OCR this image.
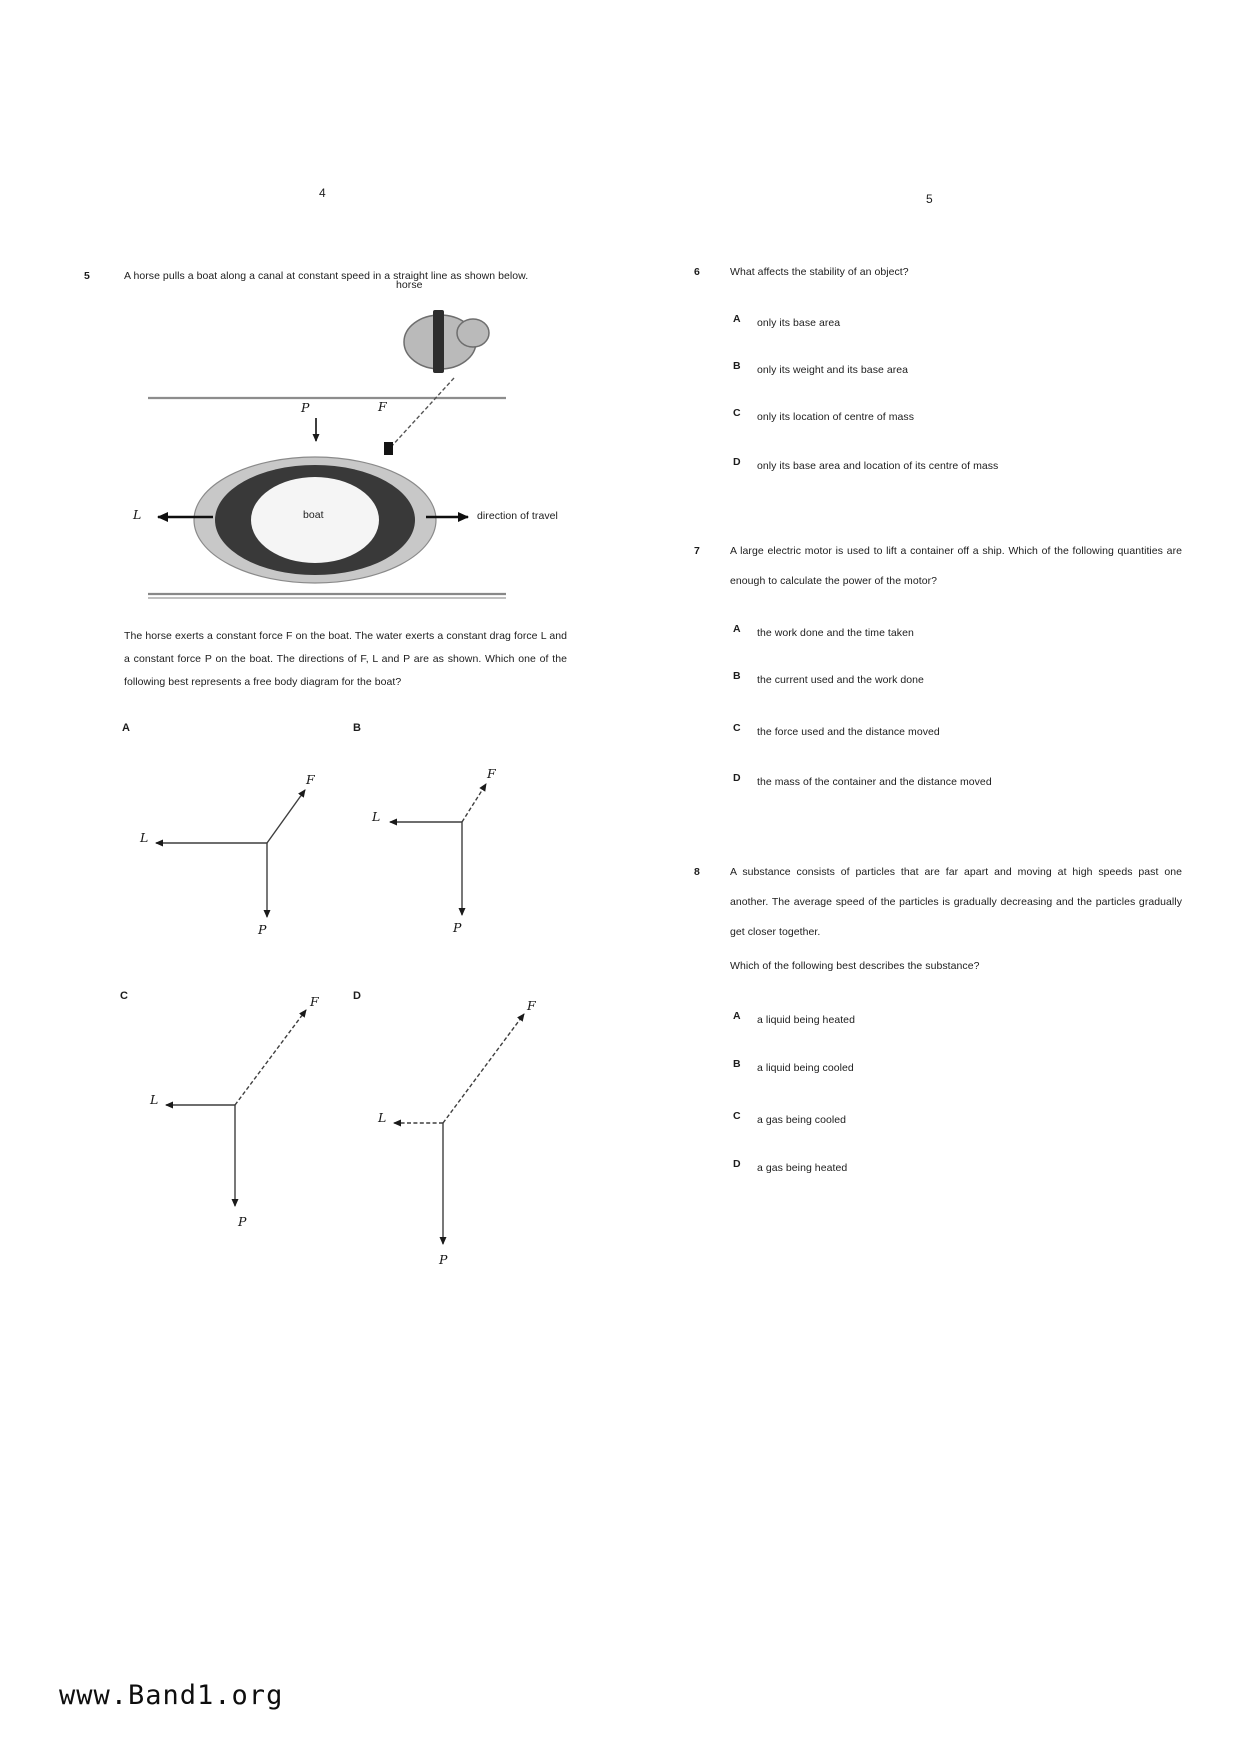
4
5	A horse pulls a boat along a canal at constant speed in a straight line as shown below.
horse
P	F
boat
L	direction of travel
The horse exerts a constant force F on the boat. The water exerts a constant drag force L and
a constant force P on the boat. The directions of F, L and P are as shown. Which one of the
following best represents a free body diagram for the boat?
A
F
L
P
B
F
L
P
C	F
L
P
D
F
L
P
5
6	What affects the stability of an object?
A only its base area
B only its weight and its base area
C only its location of centre of mass
D only its base area and location of its centre of mass
7	A large electric motor is used to lift a container off a ship. Which of the following quantities are
enough to calculate the power of the motor?
A the work done and the time taken
B the current used and the work done
C the force used and the distance moved
D the mass of the container and the distance moved
8	A substance consists of particles that are far apart and moving at high speeds past one
another. The average speed of the particles is gradually decreasing and the particles gradually
get closer together.
Which of the following best describes the substance?
A a liquid being heated
B a liquid being cooled
C a gas being cooled
D a gas being heated
www.Band1.org
